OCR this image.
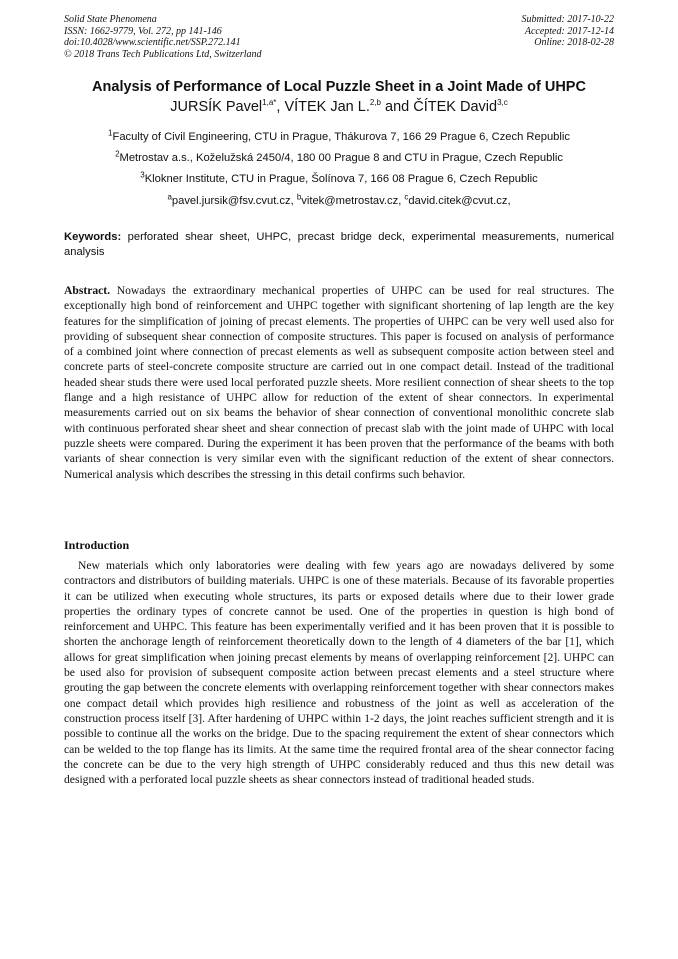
Solid State Phenomena
ISSN: 1662-9779, Vol. 272, pp 141-146
doi:10.4028/www.scientific.net/SSP.272.141
© 2018 Trans Tech Publications Ltd, Switzerland
Submitted: 2017-10-22
Accepted: 2017-12-14
Online: 2018-02-28
Analysis of Performance of Local Puzzle Sheet in a Joint Made of UHPC
JURSÍK Pavel$^{1,a*}$, VÍTEK Jan L.$^{2,b}$ and ČÍTEK David$^{3,c}$
$^1$Faculty of Civil Engineering, CTU in Prague, Thákurova 7, 166 29 Prague 6, Czech Republic
$^2$Metrostav a.s., Koželužská 2450/4, 180 00 Prague 8 and CTU in Prague, Czech Republic
$^3$Klokner Institute, CTU in Prague, Šolínova 7, 166 08 Prague 6, Czech Republic
$^a$pavel.jursik@fsv.cvut.cz, $^b$vitek@metrostav.cz, $^c$david.citek@cvut.cz,
Keywords: perforated shear sheet, UHPC, precast bridge deck, experimental measurements, numerical analysis
Abstract. Nowadays the extraordinary mechanical properties of UHPC can be used for real structures. The exceptionally high bond of reinforcement and UHPC together with significant shortening of lap length are the key features for the simplification of joining of precast elements. The properties of UHPC can be very well used also for providing of subsequent shear connection of composite structures. This paper is focused on analysis of performance of a combined joint where connection of precast elements as well as subsequent composite action between steel and concrete parts of steel-concrete composite structure are carried out in one compact detail. Instead of the traditional headed shear studs there were used local perforated puzzle sheets. More resilient connection of shear sheets to the top flange and a high resistance of UHPC allow for reduction of the extent of shear connectors. In experimental measurements carried out on six beams the behavior of shear connection of conventional monolithic concrete slab with continuous perforated shear sheet and shear connection of precast slab with the joint made of UHPC with local puzzle sheets were compared. During the experiment it has been proven that the performance of the beams with both variants of shear connection is very similar even with the significant reduction of the extent of shear connectors. Numerical analysis which describes the stressing in this detail confirms such behavior.
Introduction
New materials which only laboratories were dealing with few years ago are nowadays delivered by some contractors and distributors of building materials. UHPC is one of these materials. Because of its favorable properties it can be utilized when executing whole structures, its parts or exposed details where due to their lower grade properties the ordinary types of concrete cannot be used. One of the properties in question is high bond of reinforcement and UHPC. This feature has been experimentally verified and it has been proven that it is possible to shorten the anchorage length of reinforcement theoretically down to the length of 4 diameters of the bar [1], which allows for great simplification when joining precast elements by means of overlapping reinforcement [2]. UHPC can be used also for provision of subsequent composite action between precast elements and a steel structure where grouting the gap between the concrete elements with overlapping reinforcement together with shear connectors makes one compact detail which provides high resilience and robustness of the joint as well as acceleration of the construction process itself [3]. After hardening of UHPC within 1-2 days, the joint reaches sufficient strength and it is possible to continue all the works on the bridge. Due to the spacing requirement the extent of shear connectors which can be welded to the top flange has its limits. At the same time the required frontal area of the shear connector facing the concrete can be due to the very high strength of UHPC considerably reduced and thus this new detail was designed with a perforated local puzzle sheets as shear connectors instead of traditional headed studs.
